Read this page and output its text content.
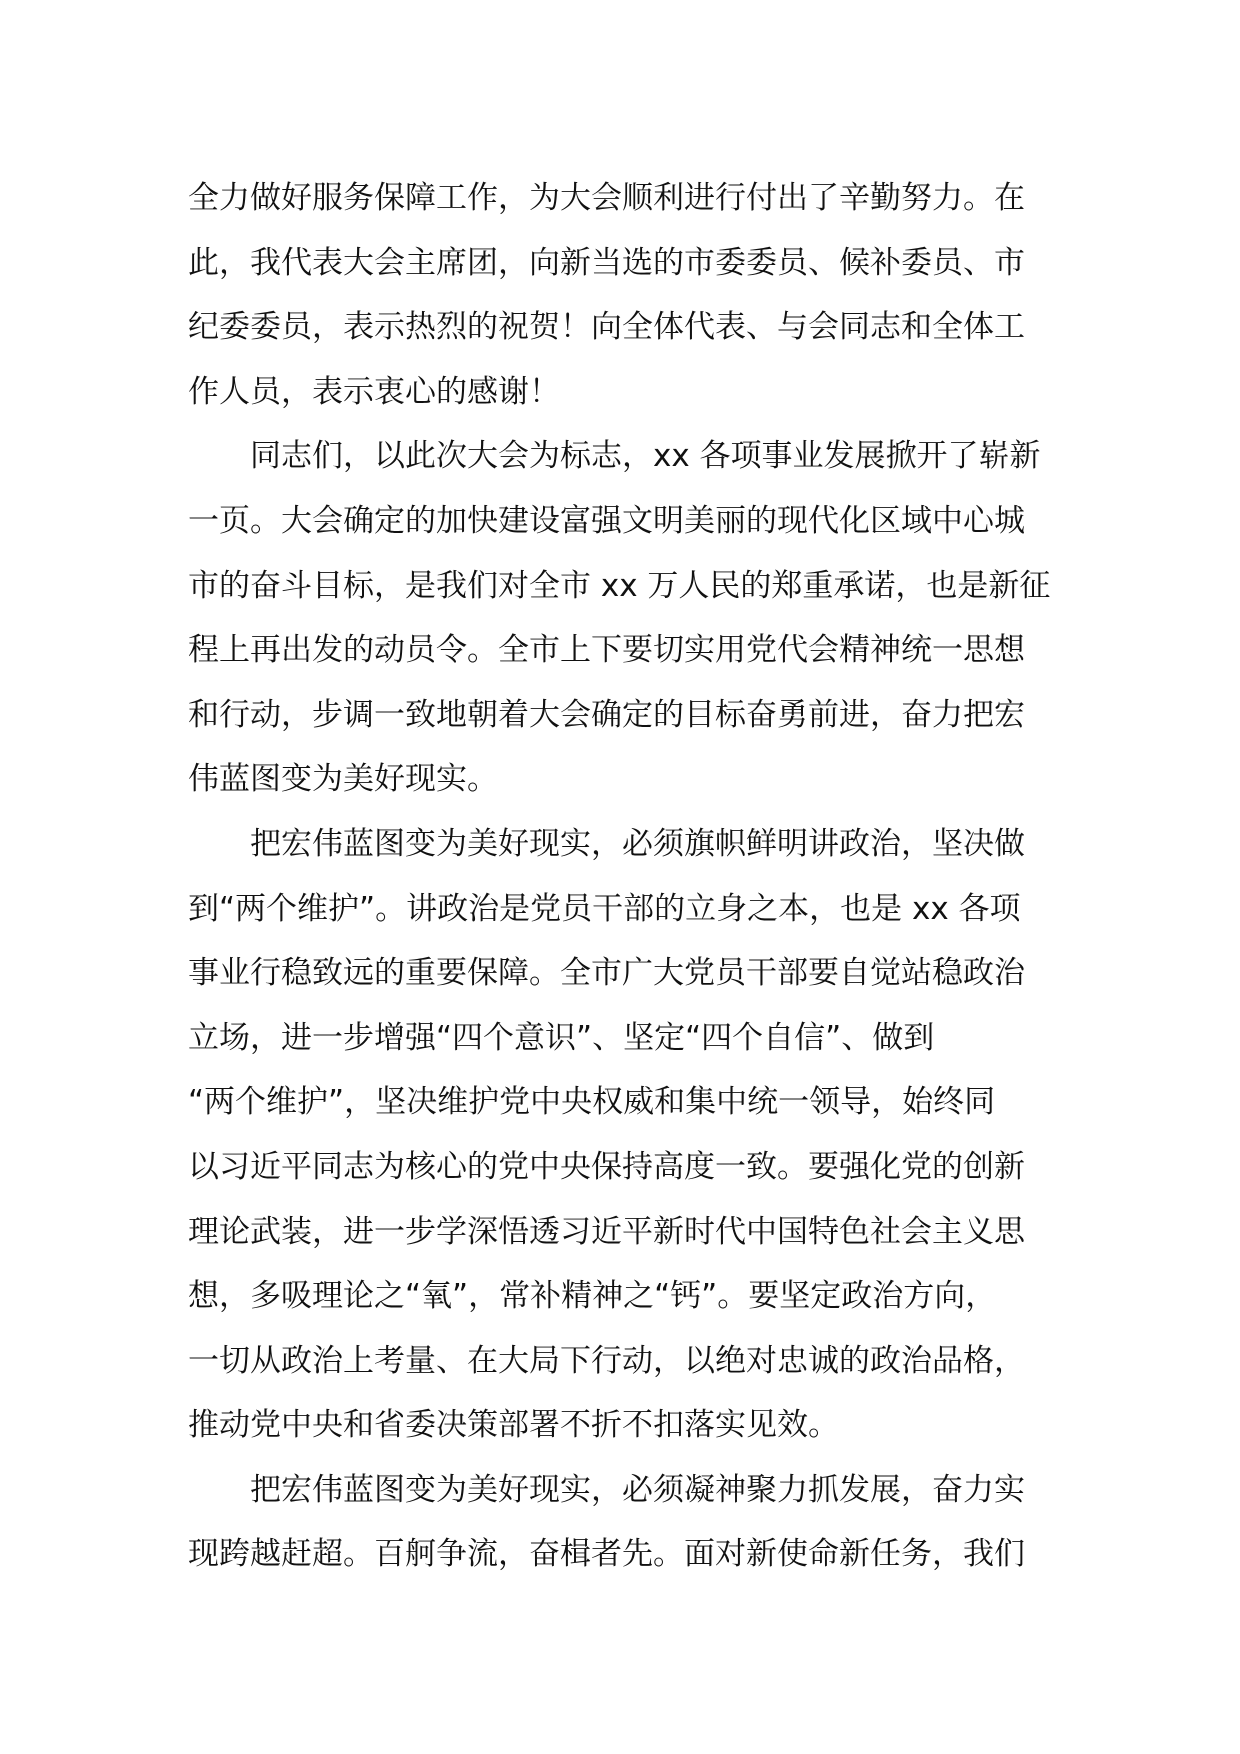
全力做好服务保障工作，为大会顺利进行付出了辛勤努力。在
此，我代表大会主席团，向新当选的市委委员、候补委员、市
纪委委员，表示热烈的祝贺！向全体代表、与会同志和全体工
作人员，表示衷心的感谢！
同志们，以此次大会为标志，xx 各项事业发展掀开了崭新
一页。大会确定的加快建设富强文明美丽的现代化区域中心城
市的奋斗目标，是我们对全市 xx 万人民的郑重承诺，也是新征
程上再出发的动员令。全市上下要切实用党代会精神统一思想
和行动，步调一致地朝着大会确定的目标奋勇前进，奋力把宏
伟蓝图变为美好现实。
把宏伟蓝图变为美好现实，必须旗帜鲜明讲政治，坚决做
到“两个维护”。讲政治是党员干部的立身之本，也是 xx 各项
事业行稳致远的重要保障。全市广大党员干部要自觉站稳政治
立场，进一步增强“四个意识”、坚定“四个自信”、做到
“两个维护”，坚决维护党中央权威和集中统一领导，始终同
以习近平同志为核心的党中央保持高度一致。要强化党的创新
理论武装，进一步学深悟透习近平新时代中国特色社会主义思
想，多吸理论之“氧”，常补精神之“钙”。要坚定政治方向，
一切从政治上考量、在大局下行动，以绝对忠诚的政治品格，
推动党中央和省委决策部署不折不扣落实见效。
把宏伟蓝图变为美好现实，必须凝神聚力抓发展，奋力实
现跨越赶超。百舸争流，奋楫者先。面对新使命新任务，我们
